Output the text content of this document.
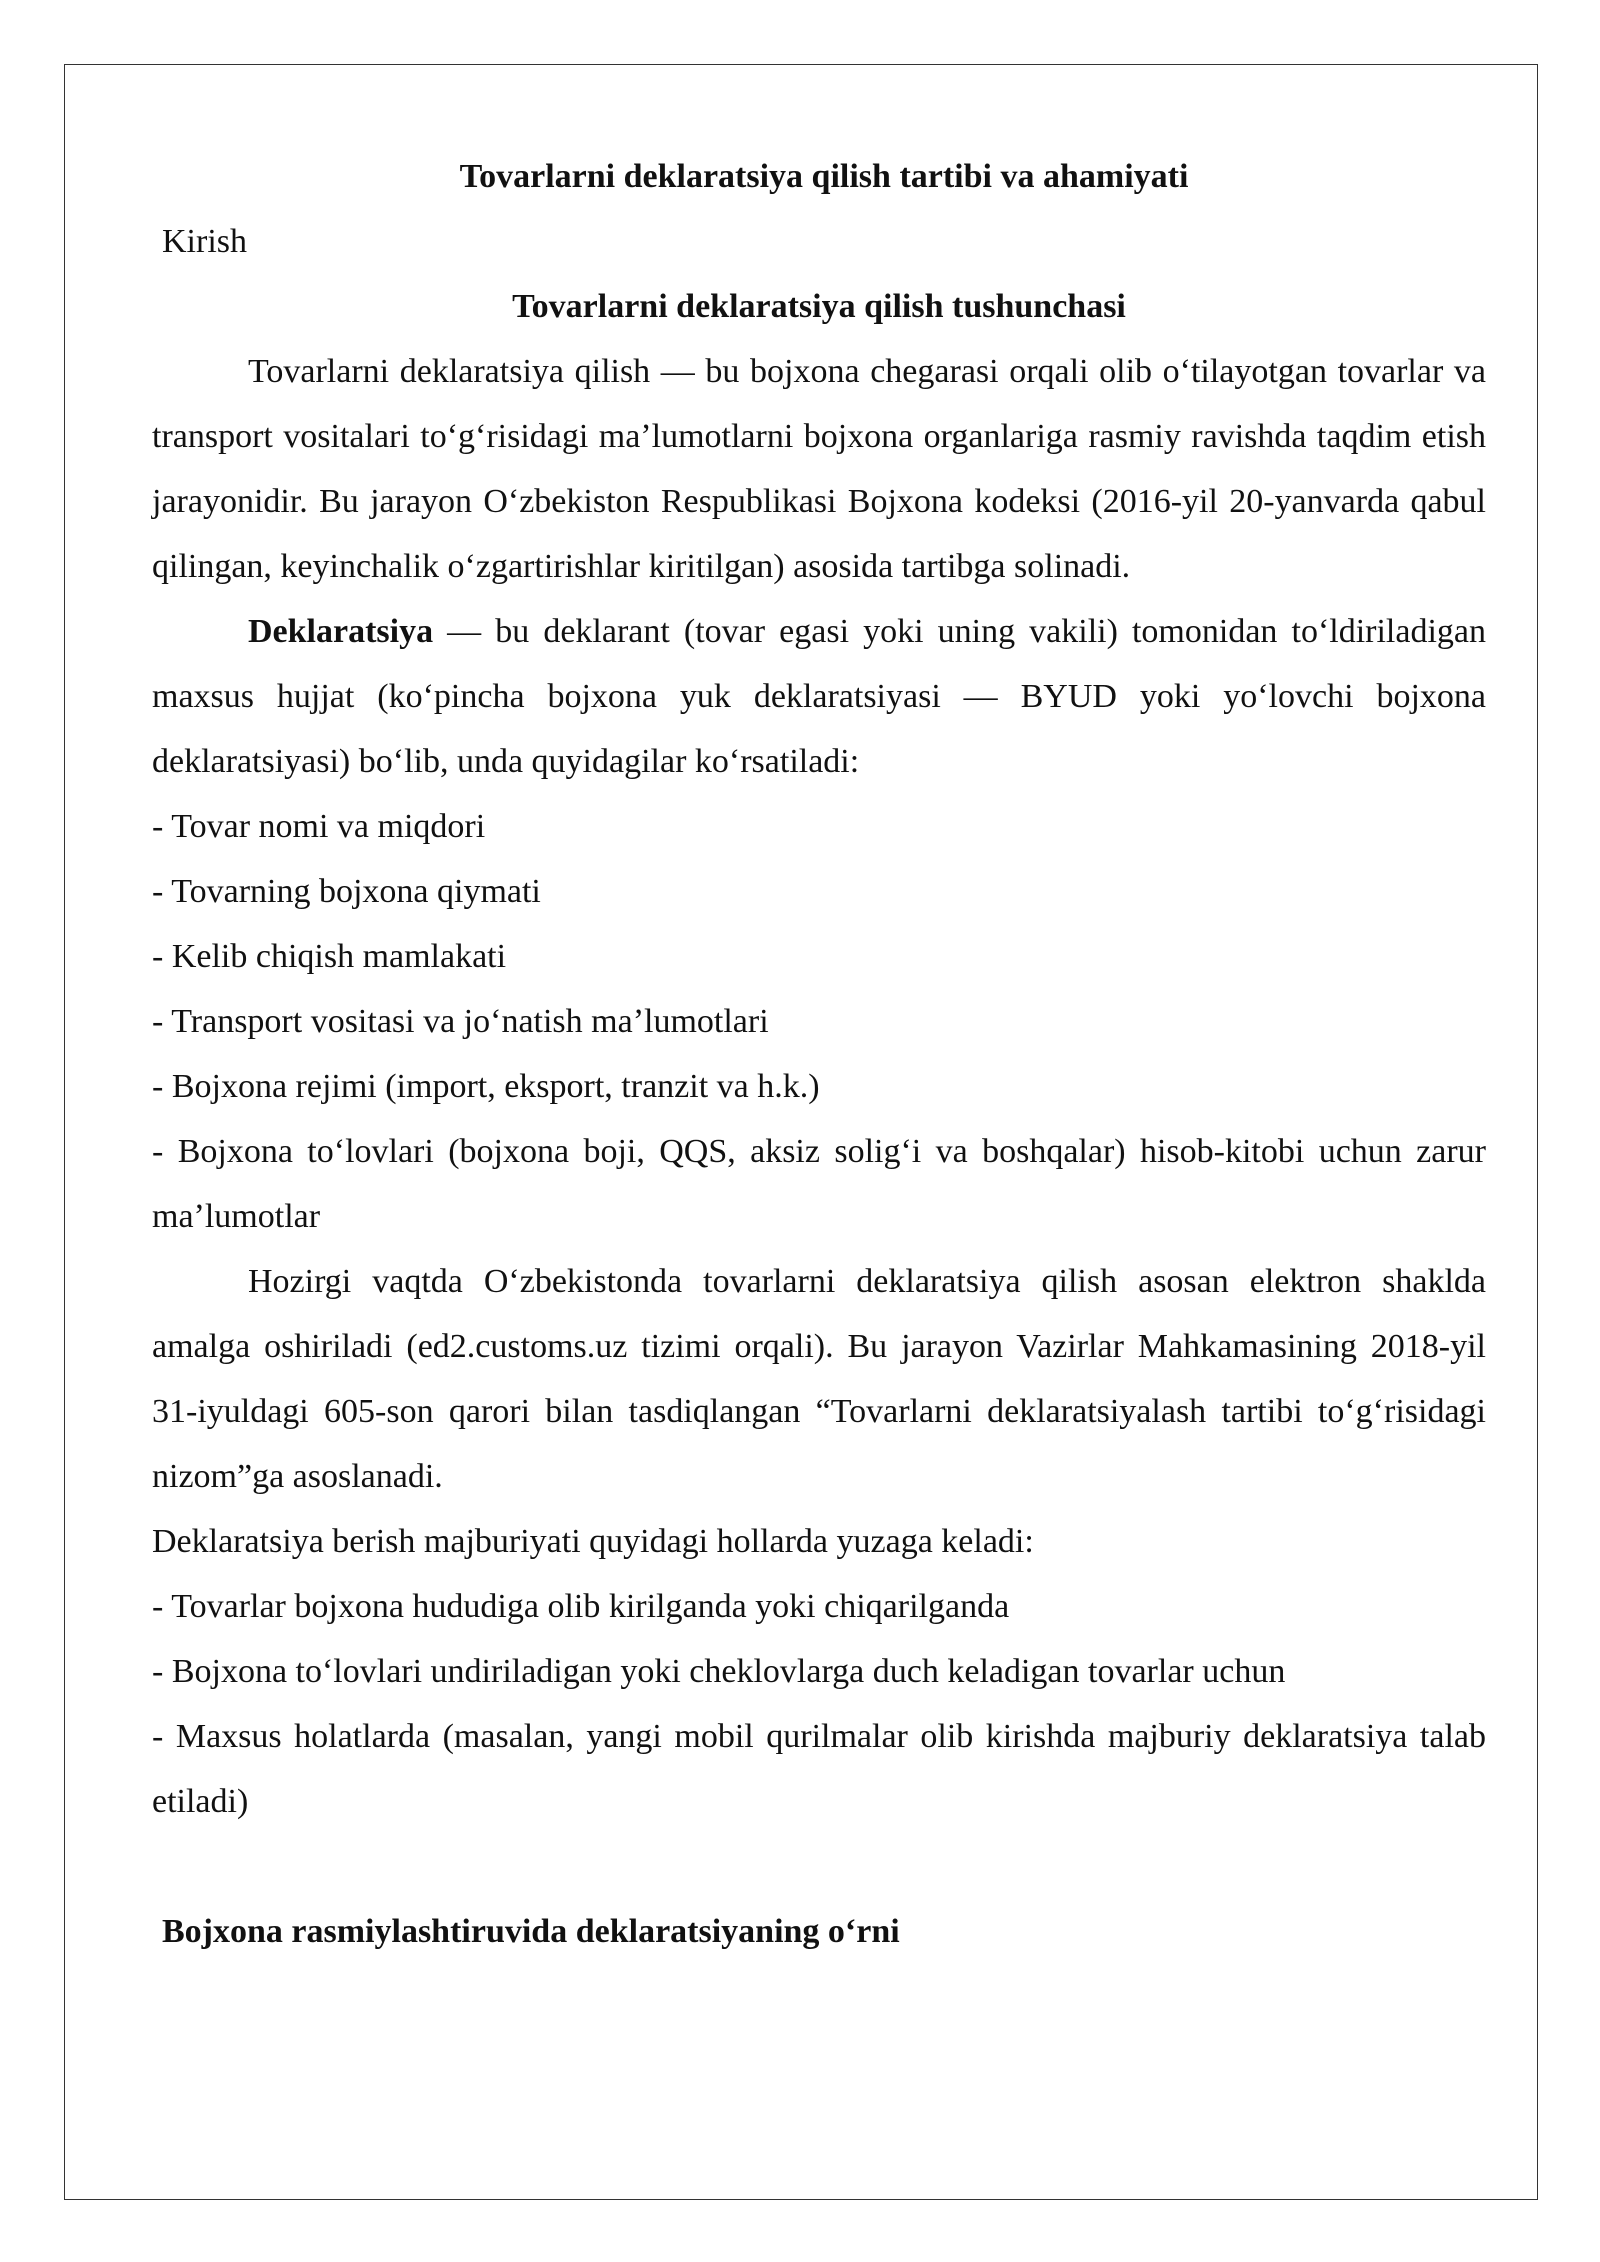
Tovarlarni deklaratsiya qilish tartibi va ahamiyati
Kirish
Tovarlarni deklaratsiya qilish tushunchasi

Tovarlarni deklaratsiya qilish — bu bojxona chegarasi orqali olib oʻtilayotgan tovarlar va transport vositalari toʻgʻrisidagi maʼlumotlarni bojxona organlariga rasmiy ravishda taqdim etish jarayonidir. Bu jarayon Oʻzbekiston Respublikasi Bojxona kodeksi (2016-yil 20-yanvarda qabul qilingan, keyinchalik oʻzgartirishlar kiritilgan) asosida tartibga solinadi.

Deklaratsiya — bu deklarant (tovar egasi yoki uning vakili) tomonidan toʻldiriladigan maxsus hujjat (koʻpincha bojxona yuk deklaratsiyasi — BYUD yoki yoʻlovchi bojxona deklaratsiyasi) boʻlib, unda quyidagilar koʻrsatiladi:

- Tovar nomi va miqdori
- Tovarning bojxona qiymati
- Kelib chiqish mamlakati
- Transport vositasi va joʻnatish maʼlumotlari
- Bojxona rejimi (import, eksport, tranzit va h.k.)
- Bojxona toʻlovlari (bojxona boji, QQS, aksiz soligʻi va boshqalar) hisob-kitobi uchun zarur maʼlumotlar

Hozirgi vaqtda Oʻzbekistonda tovarlarni deklaratsiya qilish asosan elektron shaklda amalga oshiriladi (ed2.customs.uz tizimi orqali). Bu jarayon Vazirlar Mahkamasining 2018-yil 31-iyuldagi 605-son qarori bilan tasdiqlangan “Tovarlarni deklaratsiyalash tartibi toʻgʻrisidagi nizom”ga asoslanadi.

Deklaratsiya berish majburiyati quyidagi hollarda yuzaga keladi:
- Tovarlar bojxona hududiga olib kirilganda yoki chiqarilganda
- Bojxona toʻlovlari undiriladigan yoki cheklovlarga duch keladigan tovarlar uchun
- Maxsus holatlarda (masalan, yangi mobil qurilmalar olib kirishda majburiy deklaratsiya talab etiladi)
Bojxona rasmiylashtiruvida deklaratsiyaning oʻrni
